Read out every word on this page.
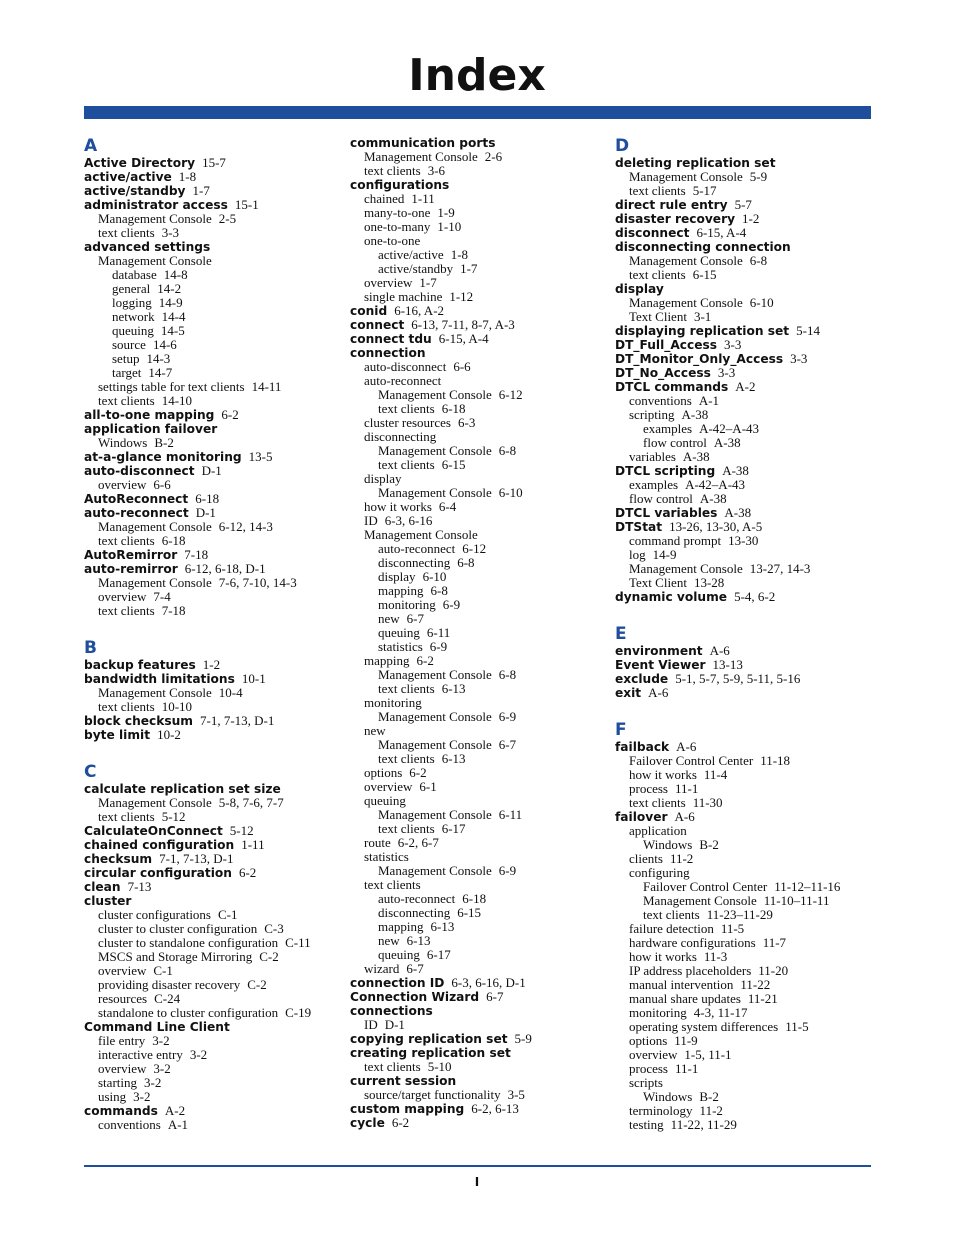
Index
A
Active Directory 15-7
active/active 1-8
active/standby 1-7
administrator access 15-1
Management Console 2-5
text clients 3-3
advanced settings
Management Console
database 14-8
general 14-2
logging 14-9
network 14-4
queuing 14-5
source 14-6
setup 14-3
target 14-7
settings table for text clients 14-11
text clients 14-10
all-to-one mapping 6-2
application failover
Windows B-2
at-a-glance monitoring 13-5
auto-disconnect D-1
overview 6-6
AutoReconnect 6-18
auto-reconnect D-1
Management Console 6-12, 14-3
text clients 6-18
AutoRemirror 7-18
auto-remirror 6-12, 6-18, D-1
Management Console 7-6, 7-10, 14-3
overview 7-4
text clients 7-18
B
backup features 1-2
bandwidth limitations 10-1
Management Console 10-4
text clients 10-10
block checksum 7-1, 7-13, D-1
byte limit 10-2
C
calculate replication set size
Management Console 5-8, 7-6, 7-7
text clients 5-12
CalculateOnConnect 5-12
chained configuration 1-11
checksum 7-1, 7-13, D-1
circular configuration 6-2
clean 7-13
cluster
cluster configurations C-1
cluster to cluster configuration C-3
cluster to standalone configuration C-11
MSCS and Storage Mirroring C-2
overview C-1
providing disaster recovery C-2
resources C-24
standalone to cluster configuration C-19
Command Line Client
file entry 3-2
interactive entry 3-2
overview 3-2
starting 3-2
using 3-2
commands A-2
conventions A-1
communication ports
Management Console 2-6
text clients 3-6
configurations
chained 1-11
many-to-one 1-9
one-to-many 1-10
one-to-one
active/active 1-8
active/standby 1-7
overview 1-7
single machine 1-12
conid 6-16, A-2
connect 6-13, 7-11, 8-7, A-3
connect tdu 6-15, A-4
connection
auto-disconnect 6-6
auto-reconnect
Management Console 6-12
text clients 6-18
cluster resources 6-3
disconnecting
Management Console 6-8
text clients 6-15
display
Management Console 6-10
how it works 6-4
ID 6-3, 6-16
Management Console
auto-reconnect 6-12
disconnecting 6-8
display 6-10
mapping 6-8
monitoring 6-9
new 6-7
queuing 6-11
statistics 6-9
mapping 6-2
Management Console 6-8
text clients 6-13
monitoring
Management Console 6-9
new
Management Console 6-7
text clients 6-13
options 6-2
overview 6-1
queuing
Management Console 6-11
text clients 6-17
route 6-2, 6-7
statistics
Management Console 6-9
text clients
auto-reconnect 6-18
disconnecting 6-15
mapping 6-13
new 6-13
queuing 6-17
wizard 6-7
connection ID 6-3, 6-16, D-1
Connection Wizard 6-7
connections
ID D-1
copying replication set 5-9
creating replication set
text clients 5-10
current session
source/target functionality 3-5
custom mapping 6-2, 6-13
cycle 6-2
D
deleting replication set
Management Console 5-9
text clients 5-17
direct rule entry 5-7
disaster recovery 1-2
disconnect 6-15, A-4
disconnecting connection
Management Console 6-8
text clients 6-15
display
Management Console 6-10
Text Client 3-1
displaying replication set 5-14
DT_Full_Access 3-3
DT_Monitor_Only_Access 3-3
DT_No_Access 3-3
DTCL commands A-2
conventions A-1
scripting A-38
examples A-42–A-43
flow control A-38
variables A-38
DTCL scripting A-38
examples A-42–A-43
flow control A-38
DTCL variables A-38
DTStat 13-26, 13-30, A-5
command prompt 13-30
log 14-9
Management Console 13-27, 14-3
Text Client 13-28
dynamic volume 5-4, 6-2
E
environment A-6
Event Viewer 13-13
exclude 5-1, 5-7, 5-9, 5-11, 5-16
exit A-6
F
failback A-6
Failover Control Center 11-18
how it works 11-4
process 11-1
text clients 11-30
failover A-6
application
Windows B-2
clients 11-2
configuring
Failover Control Center 11-12–11-16
Management Console 11-10–11-11
text clients 11-23–11-29
failure detection 11-5
hardware configurations 11-7
how it works 11-3
IP address placeholders 11-20
manual intervention 11-22
manual share updates 11-21
monitoring 4-3, 11-17
operating system differences 11-5
options 11-9
overview 1-5, 11-1
process 11-1
scripts
Windows B-2
terminology 11-2
testing 11-22, 11-29
I
